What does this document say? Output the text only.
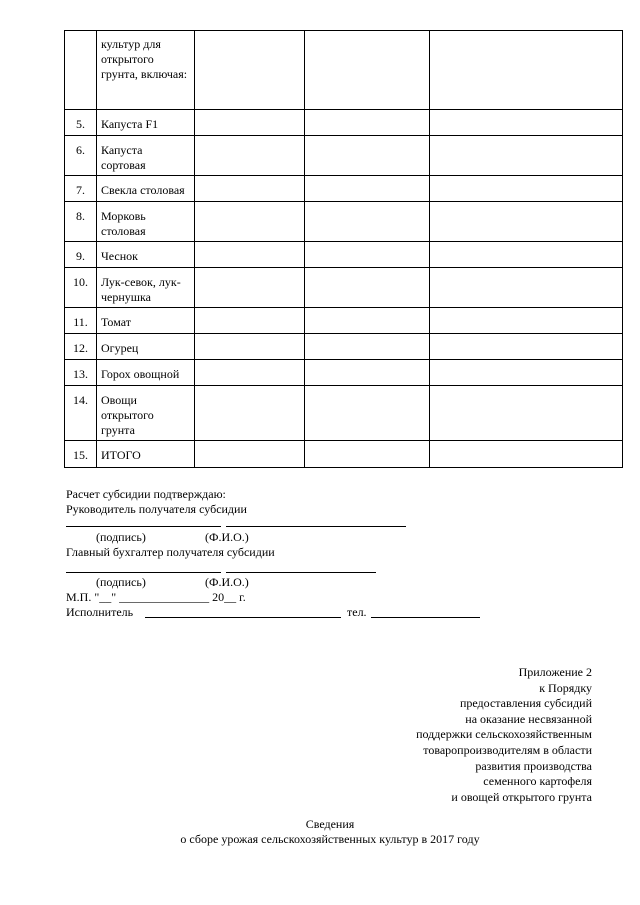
	культур для открытого грунта, включая:			
5.	Капуста F1			
6.	Капуста сортовая			
7.	Свекла столовая			
8.	Морковь столовая			
9.	Чеснок			
10.	Лук-севок, лук-чернушка			
11.	Томат			
12.	Огурец			
13.	Горох овощной			
14.	Овощи открытого грунта			
15.	ИТОГО			
Расчет субсидии подтверждаю:
Руководитель получателя субсидии
(подпись)	(Ф.И.О.)
Главный бухгалтер получателя субсидии
(подпись)	(Ф.И.О.)
М.П. "__" _______________ 20__ г.
Исполнитель	тел.
Приложение 2
к Порядку
предоставления субсидий
на оказание несвязанной
поддержки сельскохозяйственным
товаропроизводителям в области
развития производства
семенного картофеля
и овощей открытого грунта
Сведения
о сборе урожая сельскохозяйственных культур в 2017 году
